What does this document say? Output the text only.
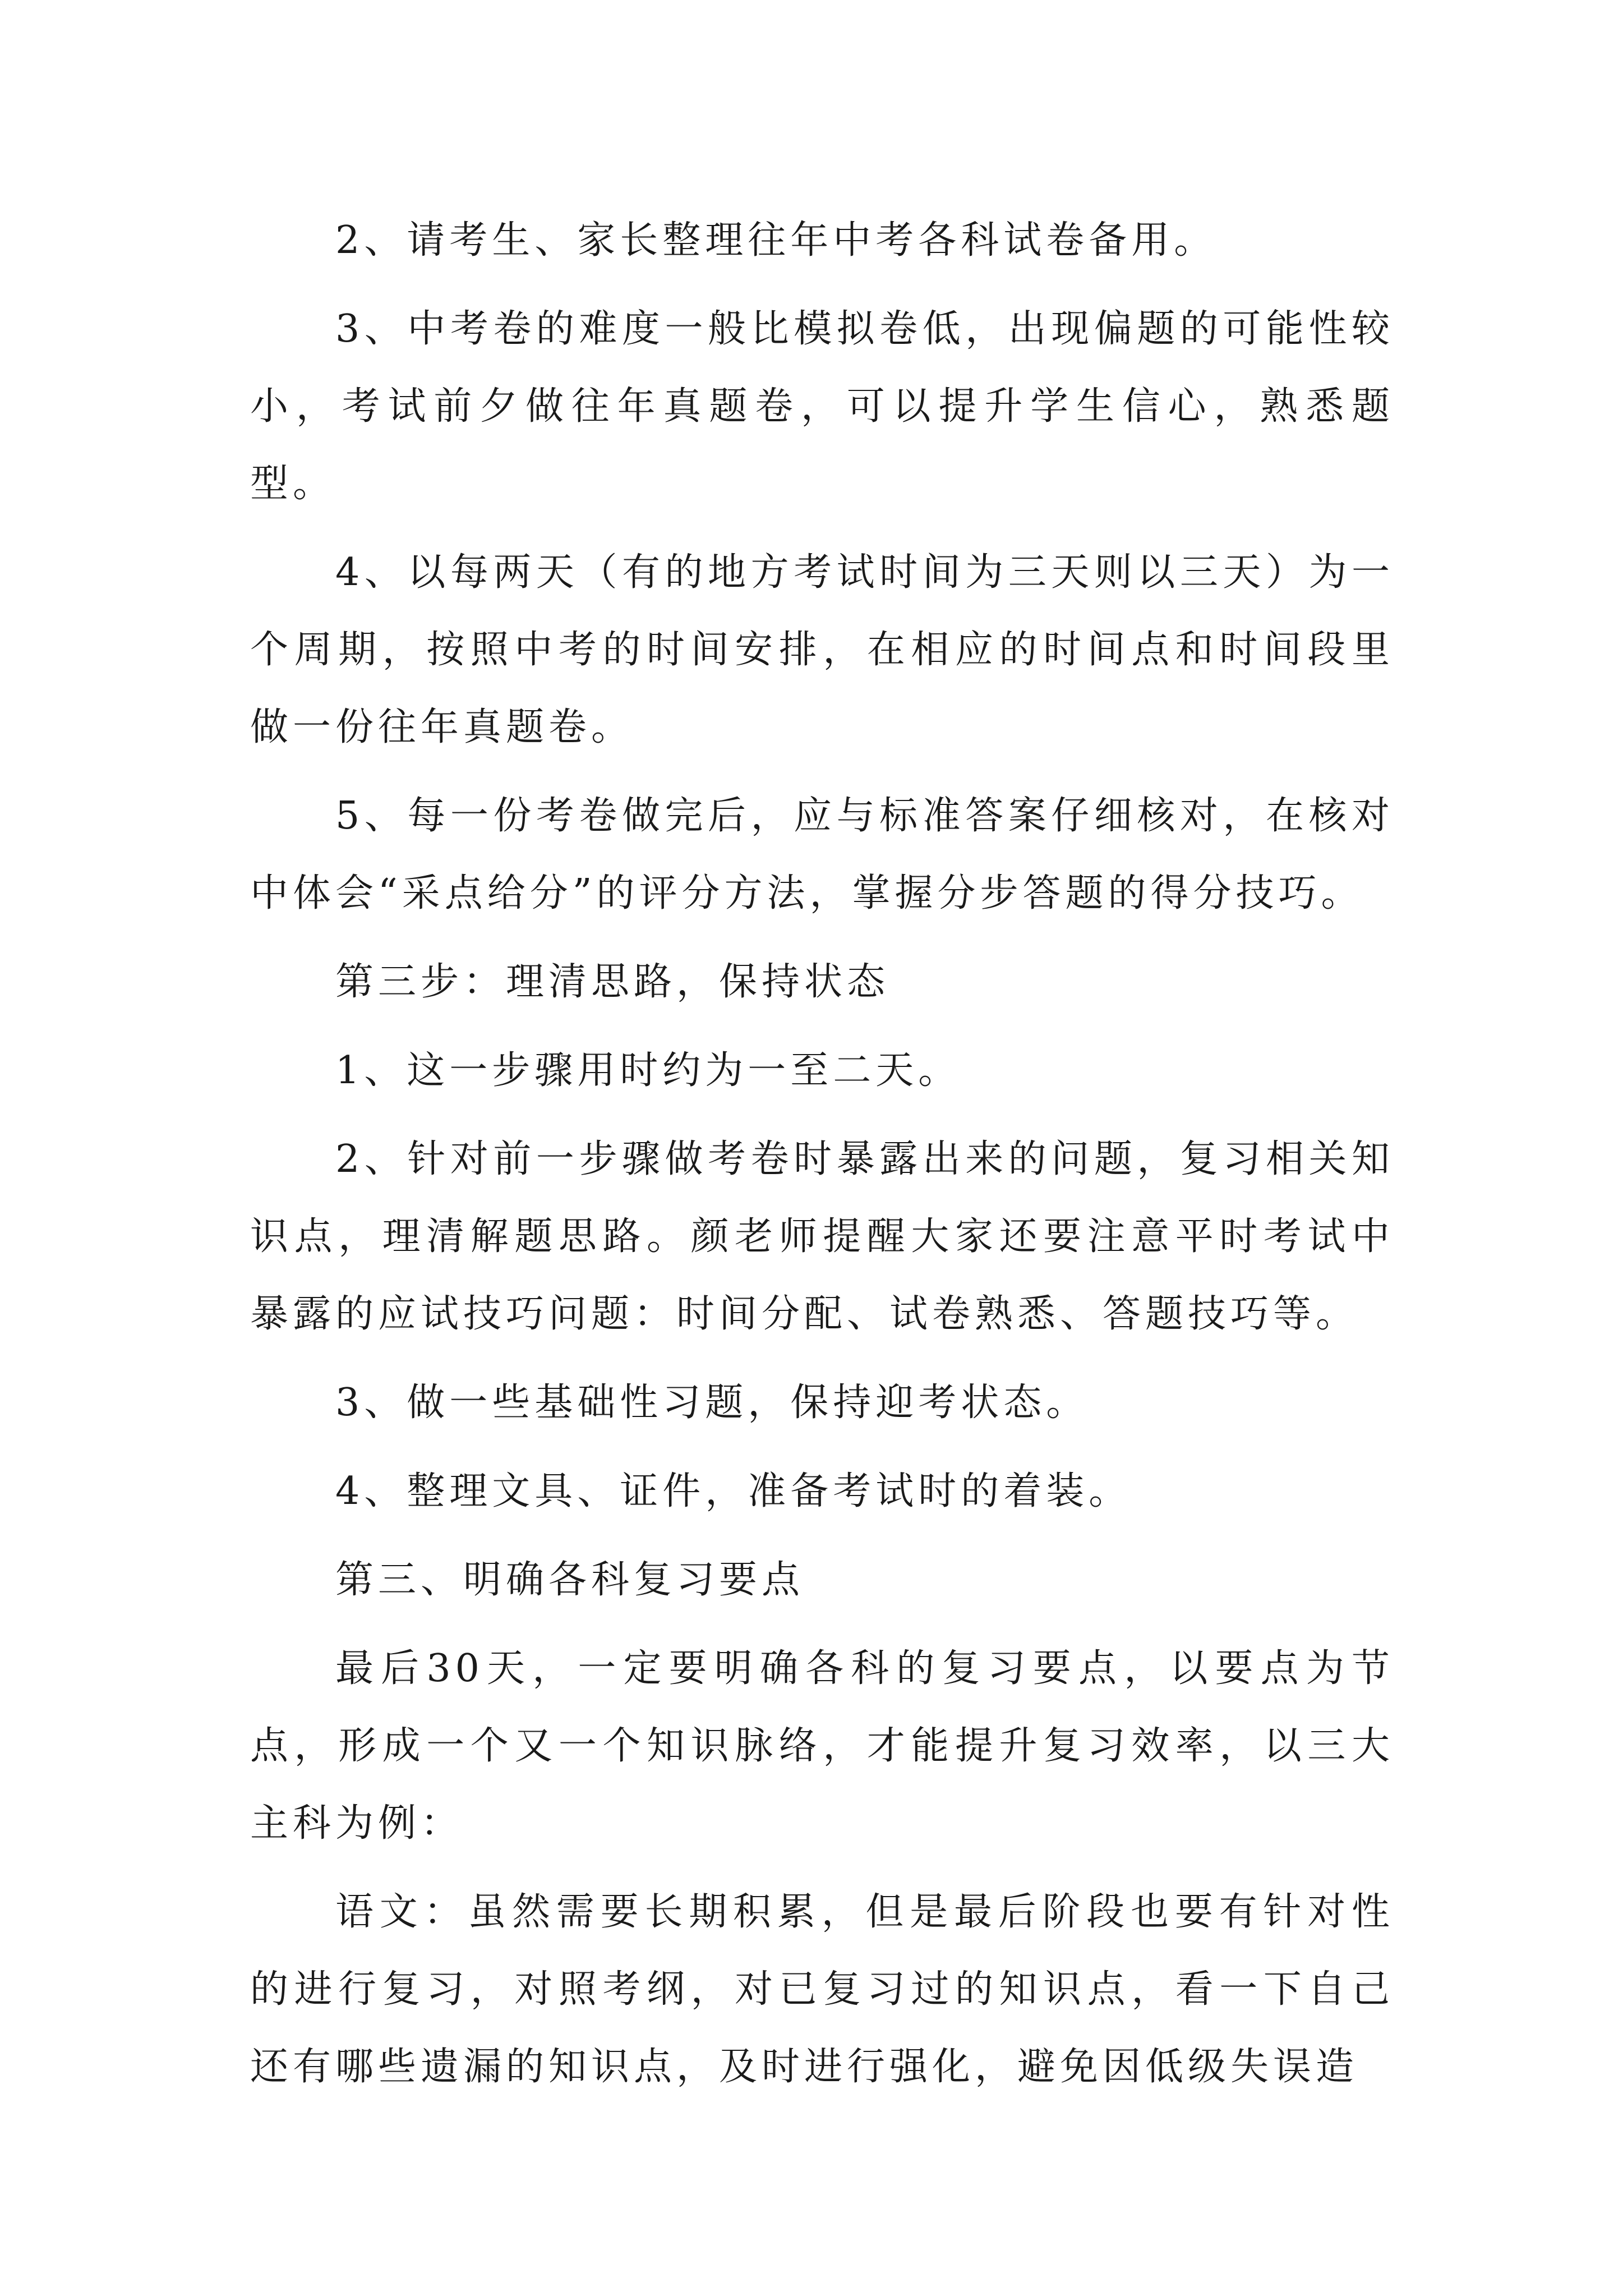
2、请考生、家长整理往年中考各科试卷备用。

3、中考卷的难度一般比模拟卷低，出现偏题的可能性较小，考试前夕做往年真题卷，可以提升学生信心，熟悉题型。

4、以每两天（有的地方考试时间为三天则以三天）为一个周期，按照中考的时间安排，在相应的时间点和时间段里做一份往年真题卷。

5、每一份考卷做完后，应与标准答案仔细核对，在核对中体会“采点给分”的评分方法，掌握分步答题的得分技巧。

第三步：理清思路，保持状态

1、这一步骤用时约为一至二天。

2、针对前一步骤做考卷时暴露出来的问题，复习相关知识点，理清解题思路。颜老师提醒大家还要注意平时考试中暴露的应试技巧问题：时间分配、试卷熟悉、答题技巧等。

3、做一些基础性习题，保持迎考状态。

4、整理文具、证件，准备考试时的着装。

第三、明确各科复习要点

最后30天，一定要明确各科的复习要点，以要点为节点，形成一个又一个知识脉络，才能提升复习效率，以三大主科为例：

语文：虽然需要长期积累，但是最后阶段也要有针对性的进行复习，对照考纲，对已复习过的知识点，看一下自己还有哪些遗漏的知识点，及时进行强化，避免因低级失误造
